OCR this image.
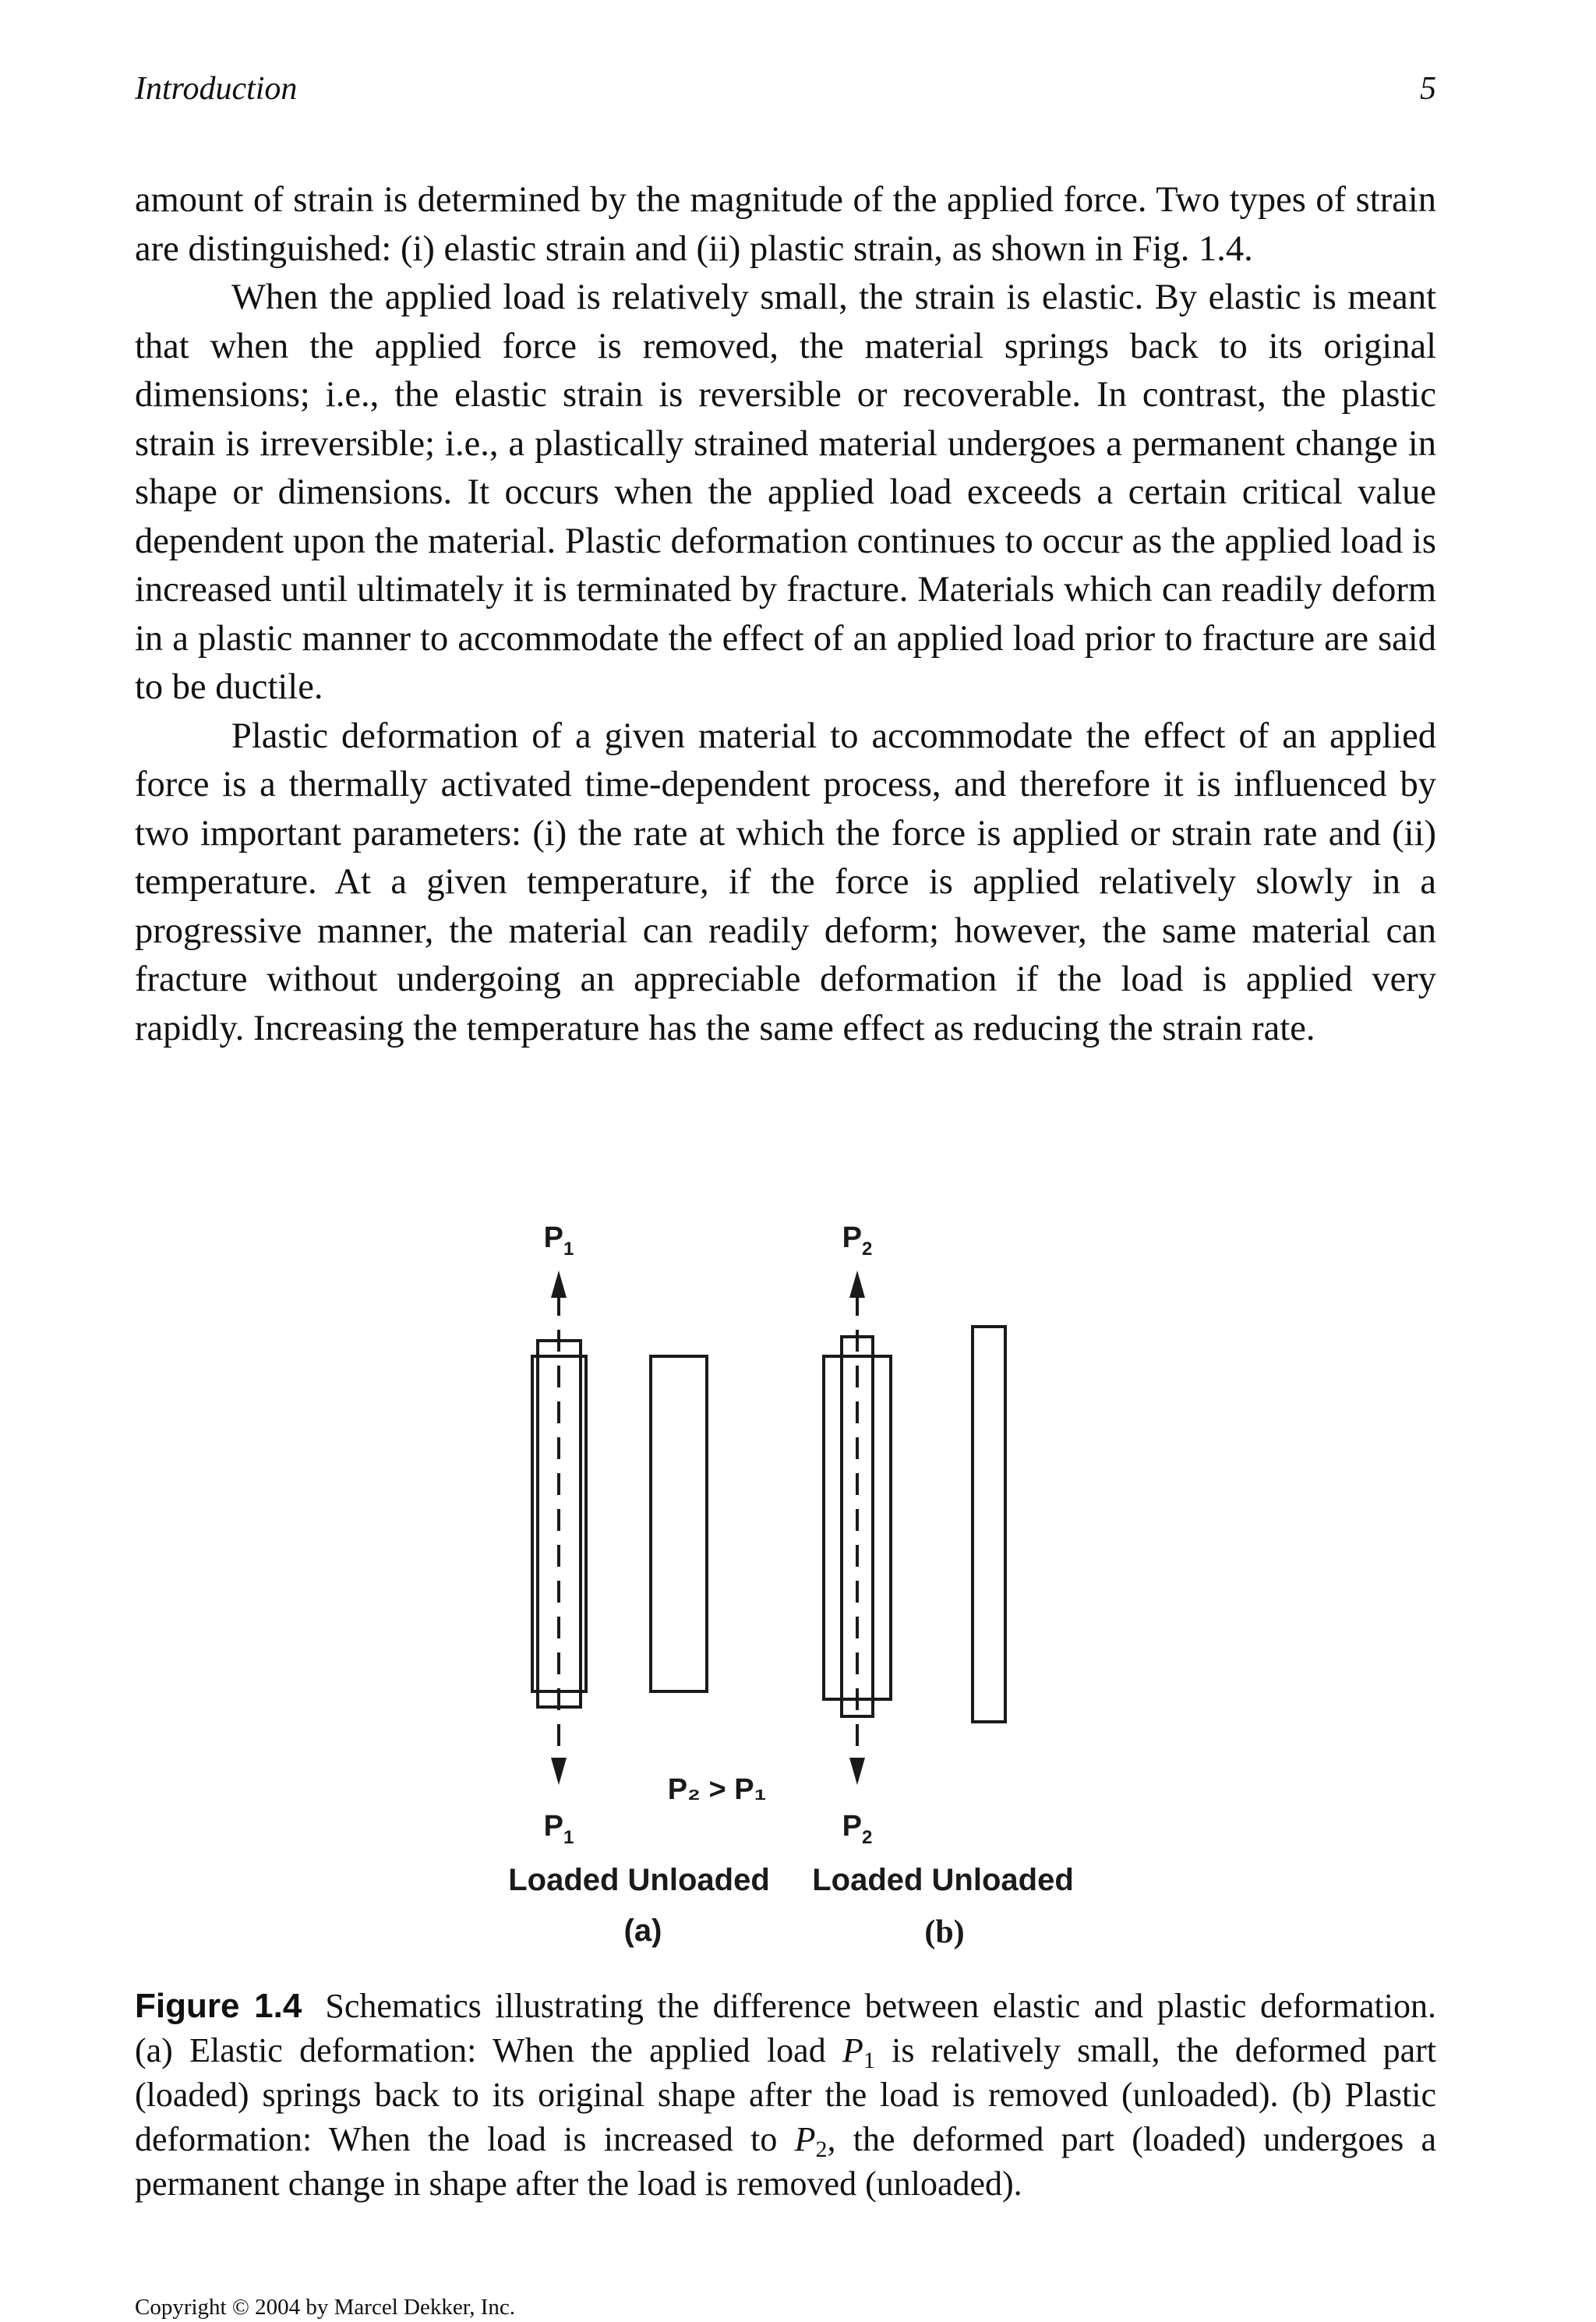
Introduction	5

amount of strain is determined by the magnitude of the applied force. Two types of strain are distinguished: (i) elastic strain and (ii) plastic strain, as shown in Fig. 1.4.

When the applied load is relatively small, the strain is elastic. By elastic is meant that when the applied force is removed, the material springs back to its original dimensions; i.e., the elastic strain is reversible or recoverable. In contrast, the plastic strain is irreversible; i.e., a plastically strained material undergoes a permanent change in shape or dimensions. It occurs when the applied load exceeds a certain critical value dependent upon the material. Plastic deformation continues to occur as the applied load is increased until ultimately it is terminated by fracture. Materials which can readily deform in a plastic manner to accommodate the effect of an applied load prior to fracture are said to be ductile.

Plastic deformation of a given material to accommodate the effect of an applied force is a thermally activated time-dependent process, and therefore it is influenced by two important parameters: (i) the rate at which the force is applied or strain rate and (ii) temperature. At a given temperature, if the force is applied relatively slowly in a progressive manner, the material can readily deform; however, the same material can fracture without undergoing an appreciable deformation if the load is applied very rapidly. Increasing the temperature has the same effect as reducing the strain rate.

$P_1$	$P_2$
$P_1$	$P_2$
P₂ > P₁
Loaded Unloaded Loaded Unloaded
(a)	(b)
Figure 1.4 Schematics illustrating the difference between elastic and plastic deformation. (a) Elastic deformation: When the applied load $P_1$ is relatively small, the deformed part (loaded) springs back to its original shape after the load is removed (unloaded). (b) Plastic deformation: When the load is increased to $P_2$, the deformed part (loaded) undergoes a permanent change in shape after the load is removed (unloaded).
Copyright © 2004 by Marcel Dekker, Inc.
